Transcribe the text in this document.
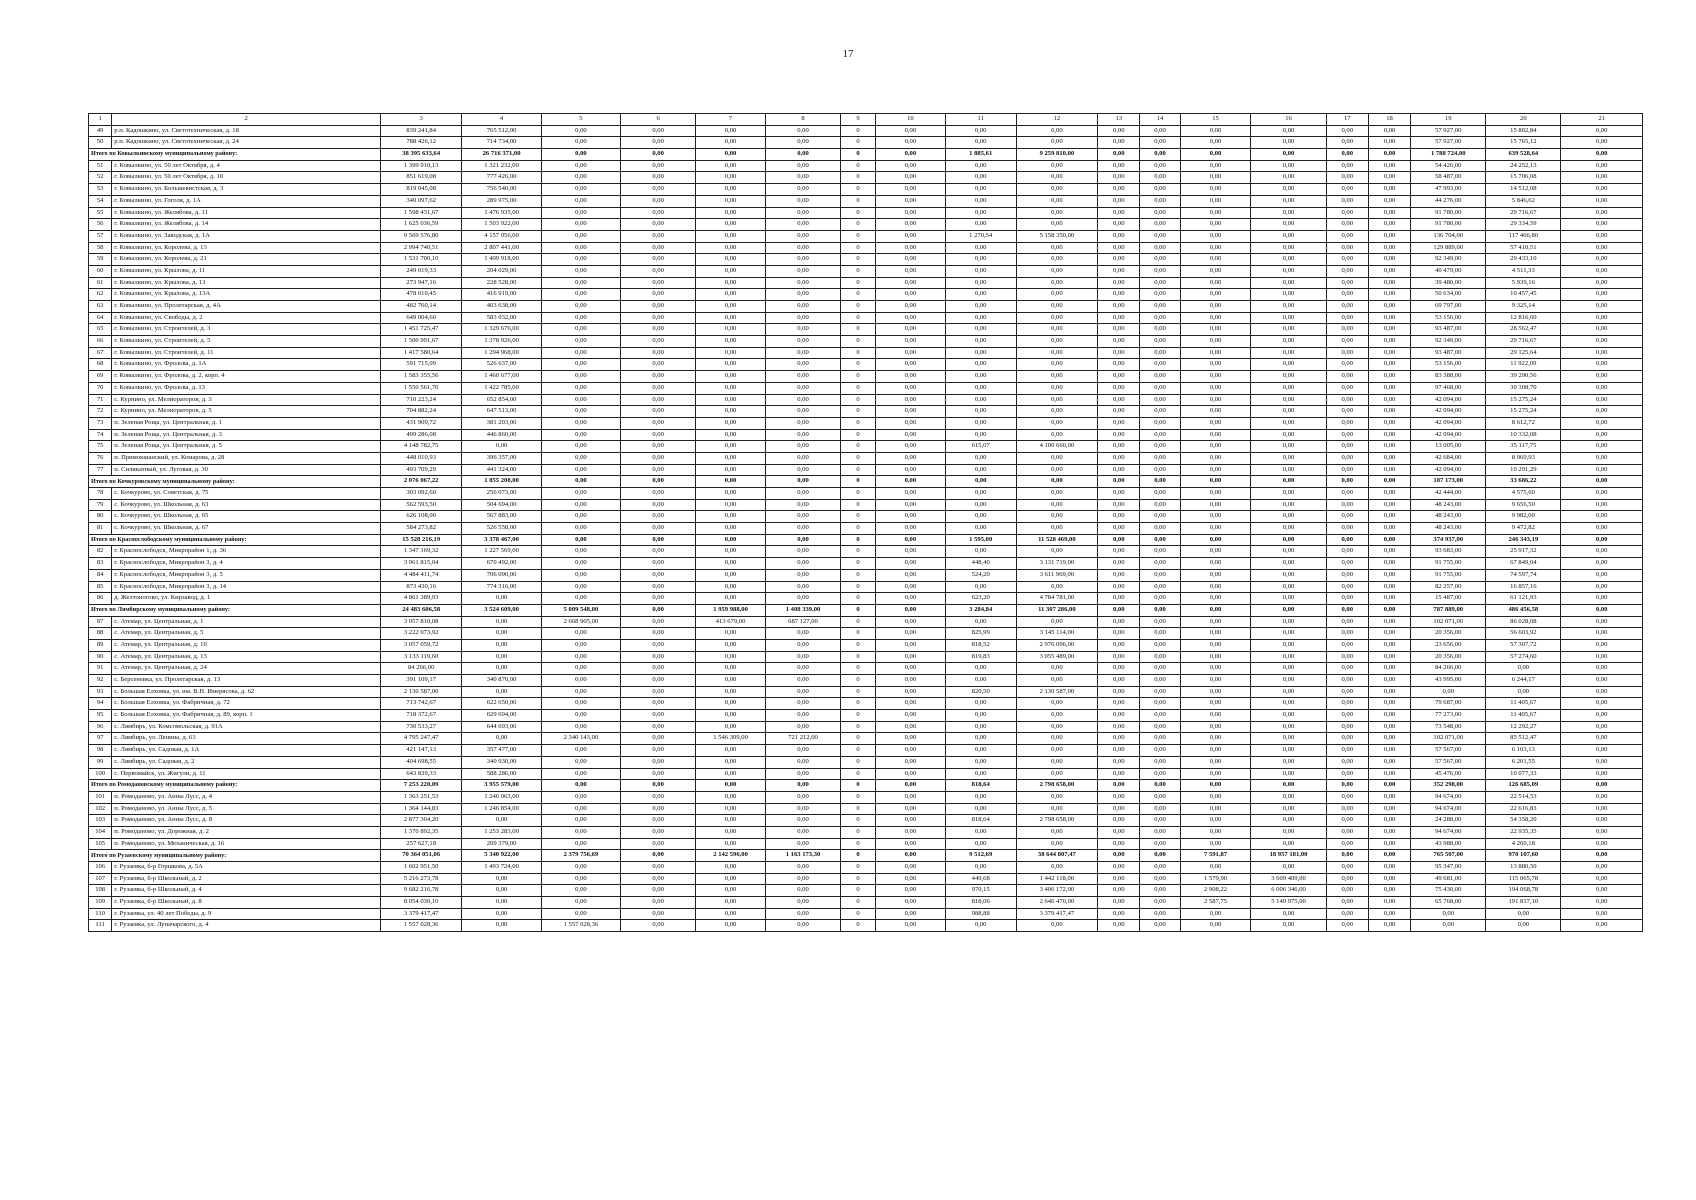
17
1	2	3	4	5	6	7	8	9	10	11	12	13	14	15	16	17	18	19	20	21
49	р.п. Кадошкино, ул. Светотехническая, д. 18	839 241,84	765 512,00	0,00	0,00	0,00	0,00	0	0,00	0,00	0,00	0,00	0,00	0,00	0,00	0,00	0,00	57 927,00	15 802,84	0,00
50	р.п. Кадошкино, ул. Светотехническая, д. 24	788 426,12	714 734,00	0,00	0,00	0,00	0,00	0	0,00	0,00	0,00	0,00	0,00	0,00	0,00	0,00	0,00	57 927,00	15 765,12	0,00
Итого по Ковылкинскому муниципальному району:		38 395 633,64	26 716 371,00	0,00	0,00	0,00	0,00	0	0,00	1 885,61	9 259 810,00	0,00	0,00	0,00	0,00	0,00	0,00	1 788 724,00	639 528,64	0,00
51	г. Ковылкино, ул. 50 лет Октября, д. 4	1 399 910,13	1 321 232,00	0,00	0,00	0,00	0,00	0	0,00	0,00	0,00	0,00	0,00	0,00	0,00	0,00	0,00	54 426,00	24 252,13	0,00
52	г. Ковылкино, ул. 50 лет Октября, д. 10	851 619,08	777 426,00	0,00	0,00	0,00	0,00	0	0,00	0,00	0,00	0,00	0,00	0,00	0,00	0,00	0,00	58 487,00	15 706,08	0,00
53	г. Ковылкино, ул. Большевистская, д. 3	819 045,08	756 540,00	0,00	0,00	0,00	0,00	0	0,00	0,00	0,00	0,00	0,00	0,00	0,00	0,00	0,00	47 993,00	14 512,08	0,00
54	г. Ковылкино, ул. Гоголя, д. 1А	340 097,62	289 975,00	0,00	0,00	0,00	0,00	0	0,00	0,00	0,00	0,00	0,00	0,00	0,00	0,00	0,00	44 276,00	5 846,62	0,00
55	г. Ковылкино, ул. Желябова, д. 11	1 598 431,67	1 476 935,00	0,00	0,00	0,00	0,00	0	0,00	0,00	0,00	0,00	0,00	0,00	0,00	0,00	0,00	91 780,00	29 716,67	0,00
56	г. Ковылкино, ул. Желябова, д. 14	1 625 036,59	1 503 922,00	0,00	0,00	0,00	0,00	0	0,00	0,00	0,00	0,00	0,00	0,00	0,00	0,00	0,00	91 780,00	29 334,59	0,00
57	г. Ковылкино, ул. Заводская, д. 1А	9 569 576,80	4 157 056,00	0,00	0,00	0,00	0,00	0	0,00	1 270,54	5 158 350,00	0,00	0,00	0,00	0,00	0,00	0,00	136 704,00	117 466,80	0,00
58	г. Ковылкино, ул. Королева, д. 13	2 994 740,51	2 807 441,00	0,00	0,00	0,00	0,00	0	0,00	0,00	0,00	0,00	0,00	0,00	0,00	0,00	0,00	129 889,00	57 410,51	0,00
59	г. Ковылкино, ул. Королева, д. 21	1 531 700,10	1 409 918,00	0,00	0,00	0,00	0,00	0	0,00	0,00	0,00	0,00	0,00	0,00	0,00	0,00	0,00	92 349,00	29 433,10	0,00
60	г. Ковылкино, ул. Крылова, д. 11	249 019,33	204 029,00	0,00	0,00	0,00	0,00	0	0,00	0,00	0,00	0,00	0,00	0,00	0,00	0,00	0,00	40 479,00	4 511,33	0,00
61	г. Ковылкино, ул. Крылова, д. 13	273 947,16	228 528,00	0,00	0,00	0,00	0,00	0	0,00	0,00	0,00	0,00	0,00	0,00	0,00	0,00	0,00	39 480,00	5 939,16	0,00
62	г. Ковылкино, ул. Крылова, д. 13А	478 010,45	416 919,00	0,00	0,00	0,00	0,00	0	0,00	0,00	0,00	0,00	0,00	0,00	0,00	0,00	0,00	50 634,00	10 457,45	0,00
63	г. Ковылкино, ул. Пролетарская, д. 4А	482 760,14	403 638,00	0,00	0,00	0,00	0,00	0	0,00	0,00	0,00	0,00	0,00	0,00	0,00	0,00	0,00	69 797,00	9 325,14	0,00
64	г. Ковылкино, ул. Свободы, д. 2	649 004,60	583 032,00	0,00	0,00	0,00	0,00	0	0,00	0,00	0,00	0,00	0,00	0,00	0,00	0,00	0,00	53 156,00	12 816,60	0,00
65	г. Ковылкино, ул. Строителей, д. 3	1 451 725,47	1 329 676,00	0,00	0,00	0,00	0,00	0	0,00	0,00	0,00	0,00	0,00	0,00	0,00	0,00	0,00	93 487,00	28 562,47	0,00
66	г. Ковылкино, ул. Строителей, д. 5	1 500 991,67	1 378 926,00	0,00	0,00	0,00	0,00	0	0,00	0,00	0,00	0,00	0,00	0,00	0,00	0,00	0,00	92 349,00	29 716,67	0,00
67	г. Ковылкино, ул. Строителей, д. 11	1 417 580,64	1 294 968,00	0,00	0,00	0,00	0,00	0	0,00	0,00	0,00	0,00	0,00	0,00	0,00	0,00	0,00	93 487,00	29 125,64	0,00
68	г. Ковылкино, ул. Фролова, д. 1А	591 715,09	526 637,00	0,00	0,00	0,00	0,00	0	0,00	0,00	0,00	0,00	0,00	0,00	0,00	0,00	0,00	53 156,00	11 922,09	0,00
69	г. Ковылкино, ул. Фролова, д. 2, корп. 4	1 583 355,56	1 460 677,00	0,00	0,00	0,00	0,00	0	0,00	0,00	0,00	0,00	0,00	0,00	0,00	0,00	0,00	83 388,00	39 290,56	0,00
70	г. Ковылкино, ул. Фролова, д. 13	1 550 561,70	1 422 785,00	0,00	0,00	0,00	0,00	0	0,00	0,00	0,00	0,00	0,00	0,00	0,00	0,00	0,00	97 468,00	30 308,70	0,00
71	с. Курнино, ул. Мелиораторов, д. 3	710 223,24	652 854,00	0,00	0,00	0,00	0,00	0	0,00	0,00	0,00	0,00	0,00	0,00	0,00	0,00	0,00	42 094,00	15 275,24	0,00
72	с. Курнино, ул. Мелиораторов, д. 5	704 882,24	647 513,00	0,00	0,00	0,00	0,00	0	0,00	0,00	0,00	0,00	0,00	0,00	0,00	0,00	0,00	42 094,00	15 275,24	0,00
73	п. Зеленая Роща, ул. Центральная, д. 1	431 909,72	381 203,00	0,00	0,00	0,00	0,00	0	0,00	0,00	0,00	0,00	0,00	0,00	0,00	0,00	0,00	42 094,00	8 612,72	0,00
74	п. Зеленая Роща, ул. Центральная, д. 3	499 286,08	446 860,00	0,00	0,00	0,00	0,00	0	0,00	0,00	0,00	0,00	0,00	0,00	0,00	0,00	0,00	42 094,00	10 332,08	0,00
75	п. Зеленая Роща, ул. Центральная, д. 5	4 148 782,75	0,00	0,00	0,00	0,00	0,00	0	0,00	615,07	4 100 660,00	0,00	0,00	0,00	0,00	0,00	0,00	13 005,00	35 117,75	0,00
76	п. Примокшанский, ул. Комарова, д. 28	448 010,93	396 357,00	0,00	0,00	0,00	0,00	0	0,00	0,00	0,00	0,00	0,00	0,00	0,00	0,00	0,00	42 684,00	8 969,93	0,00
77	п. Силикатный, ул. Луговая, д. 30	493 709,29	441 324,00	0,00	0,00	0,00	0,00	0	0,00	0,00	0,00	0,00	0,00	0,00	0,00	0,00	0,00	42 094,00	10 291,29	0,00
Итого по Кочкуровскому муниципальному району:		2 076 067,22	1 855 208,00	0,00	0,00	0,00	0,00	0	0,00	0,00	0,00	0,00	0,00	0,00	0,00	0,00	0,00	187 173,00	33 686,22	0,00
78	с. Кочкурово, ул. Советская, д. 75	303 092,60	256 073,00	0,00	0,00	0,00	0,00	0	0,00	0,00	0,00	0,00	0,00	0,00	0,00	0,00	0,00	42 444,00	4 575,60	0,00
79	с. Кочкурово, ул. Школьная, д. 63	562 593,50	504 694,00	0,00	0,00	0,00	0,00	0	0,00	0,00	0,00	0,00	0,00	0,00	0,00	0,00	0,00	48 243,00	9 656,50	0,00
80	с. Кочкурово, ул. Школьная, д. 65	626 108,00	567 883,00	0,00	0,00	0,00	0,00	0	0,00	0,00	0,00	0,00	0,00	0,00	0,00	0,00	0,00	48 243,00	9 982,00	0,00
81	с. Кочкурово, ул. Школьная, д. 67	584 273,82	526 558,00	0,00	0,00	0,00	0,00	0	0,00	0,00	0,00	0,00	0,00	0,00	0,00	0,00	0,00	48 243,00	9 472,82	0,00
Итого по Краснослободскому муниципальному району:		15 528 216,19	3 378 467,00	0,00	0,00	0,00	0,00	0	0,00	1 595,00	11 528 469,00	0,00	0,00	0,00	0,00	0,00	0,00	374 937,00	246 343,19	0,00
82	г. Краснослободск, Микрорайон 1, д. 36	1 347 169,32	1 227 569,00	0,00	0,00	0,00	0,00	0	0,00	0,00	0,00	0,00	0,00	0,00	0,00	0,00	0,00	93 683,00	25 917,32	0,00
83	г. Краснослободск, Микрорайон 3, д. 4	3 961 815,04	670 492,00	0,00	0,00	0,00	0,00	0	0,00	448,40	3 131 719,00	0,00	0,00	0,00	0,00	0,00	0,00	91 755,00	67 849,04	0,00
84	г. Краснослободск, Микрорайон 3, д. 5	4 484 411,74	706 090,00	0,00	0,00	0,00	0,00	0	0,00	524,20	3 611 969,00	0,00	0,00	0,00	0,00	0,00	0,00	91 755,00	74 597,74	0,00
85	г. Краснослободск, Микрорайон 3, д. 14	873 430,16	774 316,00	0,00	0,00	0,00	0,00	0	0,00	0,00	0,00	0,00	0,00	0,00	0,00	0,00	0,00	82 257,00	16 857,16	0,00
86	д. Желтоногово, ул. Кирзавод, д. 1	4 861 389,93	0,00	0,00	0,00	0,00	0,00	0	0,00	623,20	4 784 781,00	0,00	0,00	0,00	0,00	0,00	0,00	15 487,00	61 121,93	0,00
Итого по Лямбирскому муниципальному району:		24 483 606,58	3 524 609,00	5 009 548,00	0,00	1 959 988,00	1 408 339,00	0	0,00	3 284,84	11 307 286,00	0,00	0,00	0,00	0,00	0,00	0,00	787 889,00	486 456,58	0,00
87	с. Атемар, ул. Центральная, д. 1	3 957 810,08	0,00	2 668 905,00	0,00	413 679,00	687 127,00	0	0,00	0,00	0,00	0,00	0,00	0,00	0,00	0,00	0,00	102 071,00	86 028,08	0,00
88	с. Атемар, ул. Центральная, д. 5	3 222 073,92	0,00	0,00	0,00	0,00	0,00	0	0,00	825,99	3 145 114,00	0,00	0,00	0,00	0,00	0,00	0,00	20 356,00	56 603,92	0,00
89	с. Атемар, ул. Центральная, д. 10	3 057 059,72	0,00	0,00	0,00	0,00	0,00	0	0,00	818,52	2 976 096,00	0,00	0,00	0,00	0,00	0,00	0,00	23 656,00	57 307,72	0,00
90	с. Атемар, ул. Центральная, д. 13	3 133 119,60	0,00	0,00	0,00	0,00	0,00	0	0,00	819,83	3 055 489,00	0,00	0,00	0,00	0,00	0,00	0,00	20 356,00	57 274,60	0,00
91	с. Атемар, ул. Центральная, д. 24	84 266,00	0,00	0,00	0,00	0,00	0,00	0	0,00	0,00	0,00	0,00	0,00	0,00	0,00	0,00	0,00	84 266,00	0,00	0,00
92	с. Берсеневка, ул. Пролетарская, д. 13	391 109,17	340 870,00	0,00	0,00	0,00	0,00	0	0,00	0,00	0,00	0,00	0,00	0,00	0,00	0,00	0,00	43 995,00	6 244,17	0,00
93	с. Большая Елховка, ул. им. В.Н. Имерясова, д. 62	2 130 587,00	0,00	0,00	0,00	0,00	0,00	0	0,00	820,50	2 130 587,00	0,00	0,00	0,00	0,00	0,00	0,00	0,00	0,00	0,00
94	с. Большая Елховка, ул. Фабричная, д. 72	713 742,67	622 650,00	0,00	0,00	0,00	0,00	0	0,00	0,00	0,00	0,00	0,00	0,00	0,00	0,00	0,00	79 687,00	11 405,67	0,00
95	с. Большая Елховка, ул. Фабричная, д. 89, корп. 1	718 372,67	629 694,00	0,00	0,00	0,00	0,00	0	0,00	0,00	0,00	0,00	0,00	0,00	0,00	0,00	0,00	77 273,00	11 405,67	0,00
96	с. Лямбирь, ул. Комсомольская, д. 91А	730 533,27	644 693,00	0,00	0,00	0,00	0,00	0	0,00	0,00	0,00	0,00	0,00	0,00	0,00	0,00	0,00	73 548,00	12 292,27	0,00
97	с. Лямбирь, ул. Ленина, д. 63	4 795 247,47	0,00	2 340 143,00	0,00	1 546 309,00	721 212,00	0	0,00	0,00	0,00	0,00	0,00	0,00	0,00	0,00	0,00	102 071,00	85 512,47	0,00
98	с. Лямбирь, ул. Садовая, д. 1А	421 147,13	357 477,00	0,00	0,00	0,00	0,00	0	0,00	0,00	0,00	0,00	0,00	0,00	0,00	0,00	0,00	57 567,00	6 103,13	0,00
99	с. Лямбирь, ул. Садовая, д. 2	404 698,55	340 930,00	0,00	0,00	0,00	0,00	0	0,00	0,00	0,00	0,00	0,00	0,00	0,00	0,00	0,00	57 567,00	6 201,55	0,00
100	с. Первомайск, ул. Жигули, д. 11	643 839,33	588 286,00	0,00	0,00	0,00	0,00	0	0,00	0,00	0,00	0,00	0,00	0,00	0,00	0,00	0,00	45 476,00	10 077,33	0,00
Итого по Ромодановскому муниципальному району:		7 253 220,09	3 955 579,00	0,00	0,00	0,00	0,00	0	0,00	818,64	2 798 658,00	0,00	0,00	0,00	0,00	0,00	0,00	352 298,00	126 685,09	0,00
101	п. Ромоданово, ул. Анны Лусс, д. 4	1 363 251,53	1 246 063,00	0,00	0,00	0,00	0,00	0	0,00	0,00	0,00	0,00	0,00	0,00	0,00	0,00	0,00	94 674,00	22 514,53	0,00
102	п. Ромоданово, ул. Анны Лусс, д. 5	1 364 144,83	1 246 854,00	0,00	0,00	0,00	0,00	0	0,00	0,00	0,00	0,00	0,00	0,00	0,00	0,00	0,00	94 674,00	22 616,83	0,00
103	п. Ромоданово, ул. Анны Лусс, д. 8	2 877 304,20	0,00	0,00	0,00	0,00	0,00	0	0,00	818,64	2 798 658,00	0,00	0,00	0,00	0,00	0,00	0,00	24 288,00	54 358,20	0,00
104	п. Ромоданово, ул. Дорожная, д. 2	1 370 892,35	1 253 283,00	0,00	0,00	0,00	0,00	0	0,00	0,00	0,00	0,00	0,00	0,00	0,00	0,00	0,00	94 674,00	22 935,35	0,00
105	п. Ромоданово, ул. Механическая, д. 16	257 627,18	209 379,00	0,00	0,00	0,00	0,00	0	0,00	0,00	0,00	0,00	0,00	0,00	0,00	0,00	0,00	43 988,00	4 260,18	0,00
Итого по Рузаевскому муниципальному району:		70 364 051,06	5 340 922,00	2 379 756,69	0,00	2 142 596,00	1 163 173,30	0	0,00	9 512,69	38 644 807,47	0,00	0,00	7 591,87	18 957 181,00	0,00	0,00	765 507,00	970 107,60	0,00
106	г. Рузаевка, б-р Горшкова, д. 5А	1 602 951,50	1 493 724,00	0,00	0,00	0,00	0,00	0	0,00	0,00	0,00	0,00	0,00	0,00	0,00	0,00	0,00	95 347,00	13 880,50	0,00
107	г. Рузаевка, б-р Школьный, д. 2	5 216 273,78	0,00	0,00	0,00	0,00	0,00	0	0,00	449,68	1 442 118,00	0,00	0,00	1 579,90	3 609 409,00	0,00	0,00	49 681,00	115 065,78	0,00
108	г. Рузаевка, б-р Школьный, д. 4	9 682 216,78	0,00	0,00	0,00	0,00	0,00	0	0,00	970,15	3 406 172,00	0,00	0,00	2 908,22	6 006 346,00	0,00	0,00	75 430,00	194 068,78	0,00
109	г. Рузаевка, б-р Школьный, д. 8	8 054 030,10	0,00	0,00	0,00	0,00	0,00	0	0,00	818,06	2 646 470,00	0,00	0,00	2 587,75	5 149 975,00	0,00	0,00	65 768,00	191 817,10	0,00
110	г. Рузаевка, ул. 40 лет Победы, д. 9	3 379 417,47	0,00	0,00	0,00	0,00	0,00	0	0,00	988,88	3 379 417,47	0,00	0,00	0,00	0,00	0,00	0,00	0,00	0,00	0,00
111	г. Рузаевка, ул. Луначарского, д. 4	1 557 028,36	0,00	1 557 028,36	0,00	0,00	0,00	0	0,00	0,00	0,00	0,00	0,00	0,00	0,00	0,00	0,00	0,00	0,00	0,00
